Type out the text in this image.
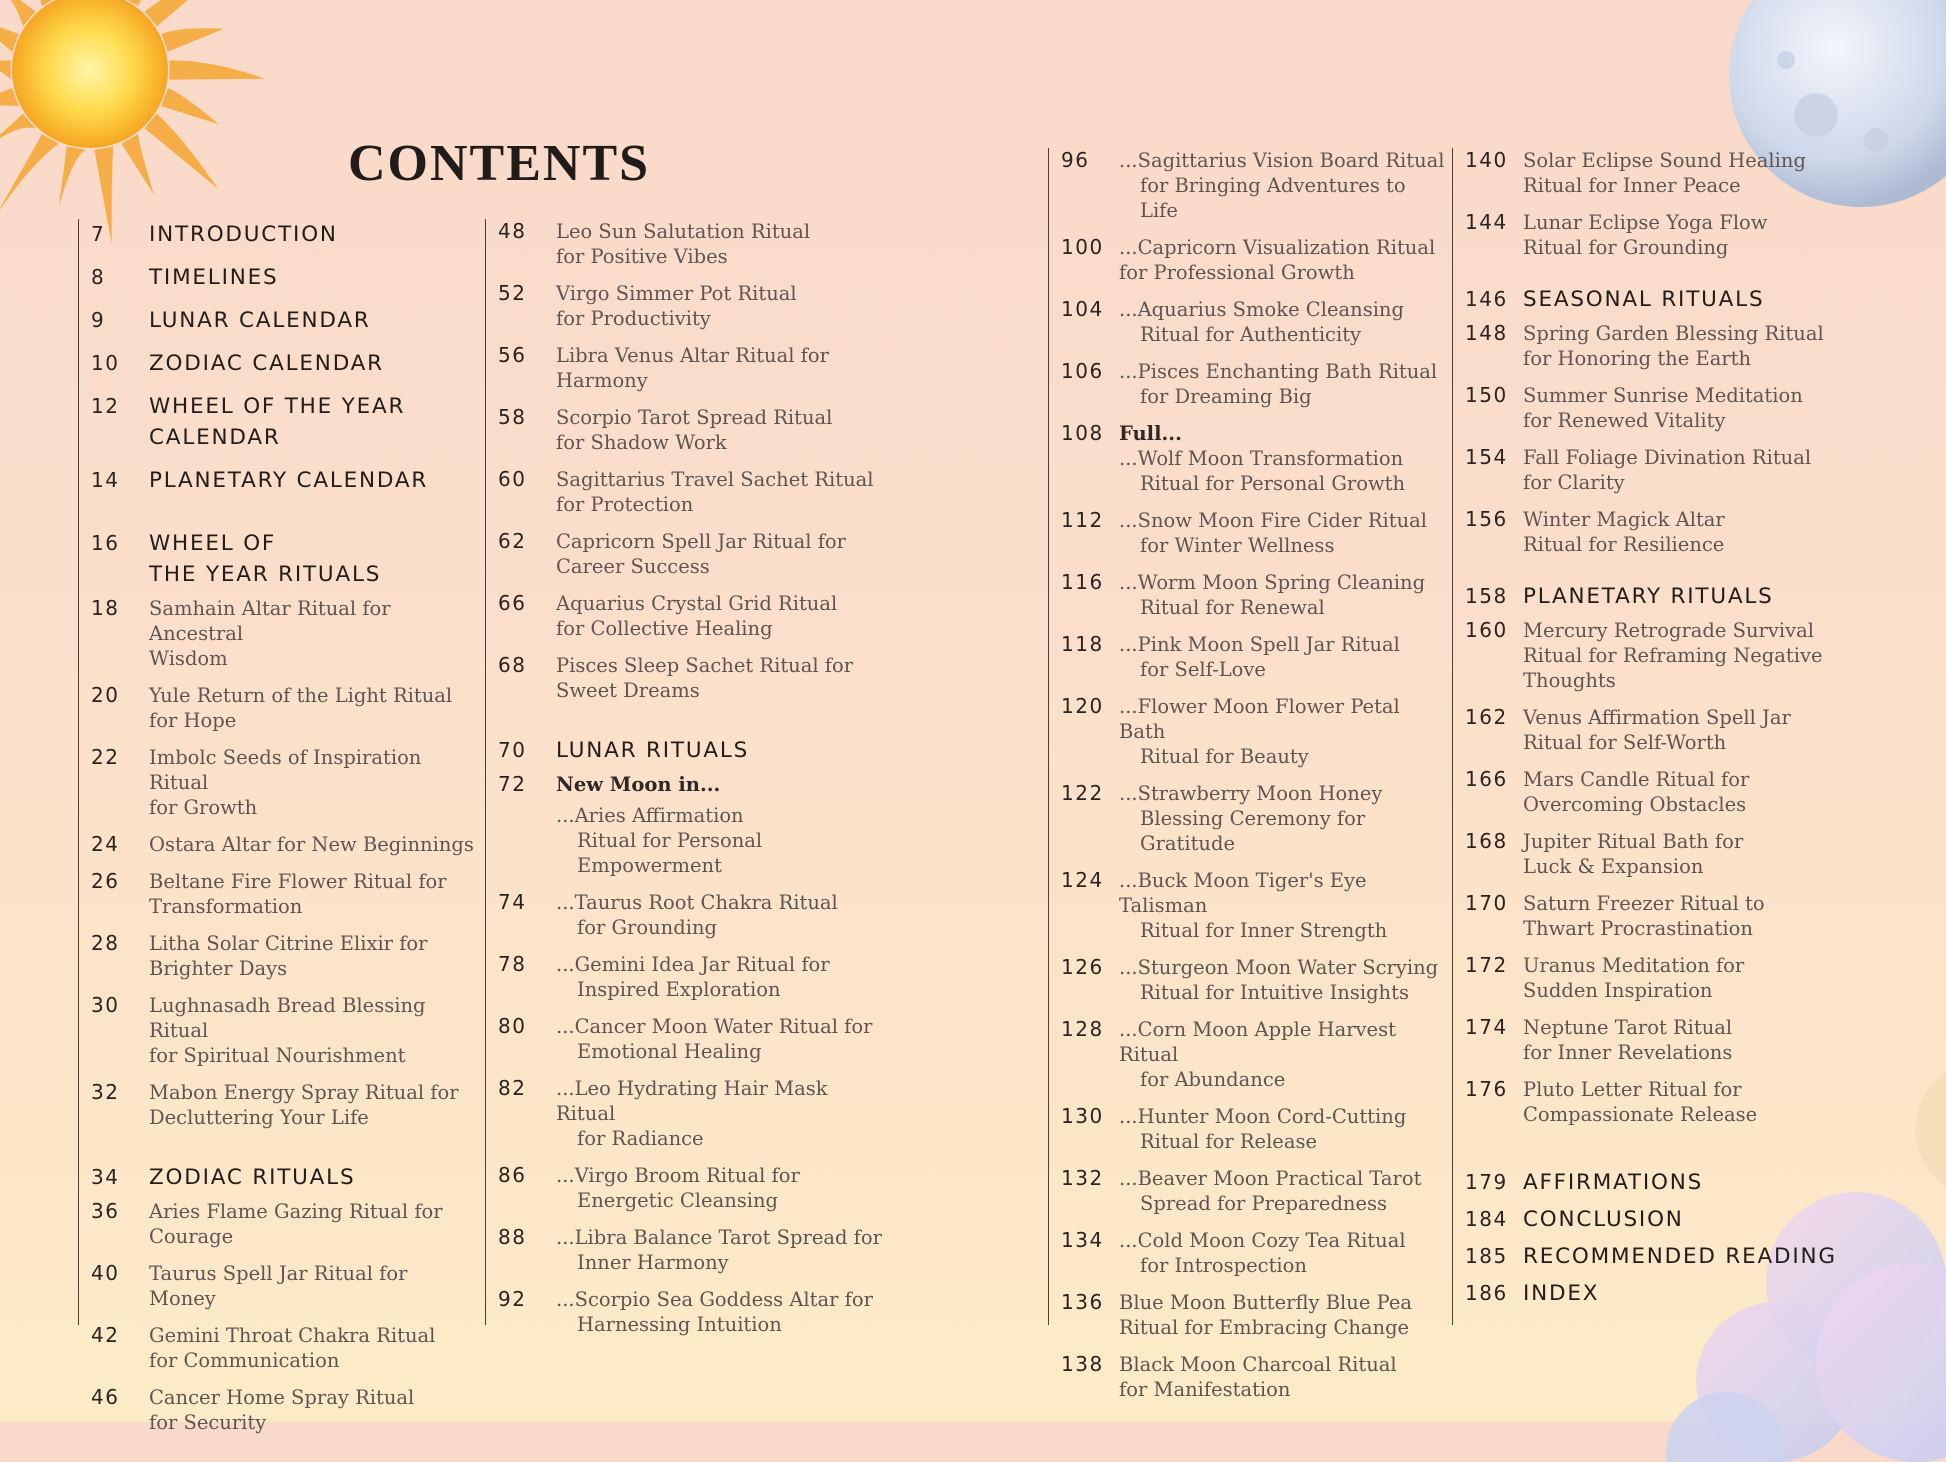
CONTENTS
7	INTRODUCTION
8	TIMELINES
9	LUNAR CALENDAR
10	ZODIAC CALENDAR
12	WHEEL OF THE YEAR
CALENDAR
14	PLANETARY CALENDAR
16	WHEEL OF
THE YEAR RITUALS
18	Samhain Altar Ritual for Ancestral
Wisdom
20	Yule Return of the Light Ritual
for Hope
22	Imbolc Seeds of Inspiration Ritual
for Growth
24	Ostara Altar for New Beginnings
26	Beltane Fire Flower Ritual for
Transformation
28	Litha Solar Citrine Elixir for
Brighter Days
30	Lughnasadh Bread Blessing Ritual
for Spiritual Nourishment
32	Mabon Energy Spray Ritual for
Decluttering Your Life
34	ZODIAC RITUALS
36	Aries Flame Gazing Ritual for
Courage
40	Taurus Spell Jar Ritual for Money
42	Gemini Throat Chakra Ritual
for Communication
46	Cancer Home Spray Ritual
for Security
48	Leo Sun Salutation Ritual
for Positive Vibes
52	Virgo Simmer Pot Ritual
for Productivity
56	Libra Venus Altar Ritual for
Harmony
58	Scorpio Tarot Spread Ritual
for Shadow Work
60	Sagittarius Travel Sachet Ritual
for Protection
62	Capricorn Spell Jar Ritual for
Career Success
66	Aquarius Crystal Grid Ritual
for Collective Healing
68	Pisces Sleep Sachet Ritual for
Sweet Dreams
70	LUNAR RITUALS
72	New Moon in...
...Aries Affirmation
Ritual for Personal
Empowerment
74	...Taurus Root Chakra Ritual
for Grounding
78	...Gemini Idea Jar Ritual for
Inspired Exploration
80	...Cancer Moon Water Ritual for
Emotional Healing
82	...Leo Hydrating Hair Mask Ritual
for Radiance
86	...Virgo Broom Ritual for
Energetic Cleansing
88	...Libra Balance Tarot Spread for
Inner Harmony
92	...Scorpio Sea Goddess Altar for
Harnessing Intuition
96	...Sagittarius Vision Board Ritual
for Bringing Adventures to Life
100 ...Capricorn Visualization Ritual
for Professional Growth
104 ...Aquarius Smoke Cleansing
Ritual for Authenticity
106 ...Pisces Enchanting Bath Ritual
for Dreaming Big
108 Full...
...Wolf Moon Transformation
Ritual for Personal Growth
112 ...Snow Moon Fire Cider Ritual
for Winter Wellness
116 ...Worm Moon Spring Cleaning
Ritual for Renewal
118 ...Pink Moon Spell Jar Ritual
for Self-Love
120 ...Flower Moon Flower Petal Bath
Ritual for Beauty
122 ...Strawberry Moon Honey
Blessing Ceremony for
Gratitude
124 ...Buck Moon Tiger's Eye Talisman
Ritual for Inner Strength
126 ...Sturgeon Moon Water Scrying
Ritual for Intuitive Insights
128 ...Corn Moon Apple Harvest Ritual
for Abundance
130 ...Hunter Moon Cord-Cutting
Ritual for Release
132 ...Beaver Moon Practical Tarot
Spread for Preparedness
134 ...Cold Moon Cozy Tea Ritual
for Introspection
136 Blue Moon Butterfly Blue Pea
Ritual for Embracing Change
138 Black Moon Charcoal Ritual
for Manifestation
140 Solar Eclipse Sound Healing
Ritual for Inner Peace
144 Lunar Eclipse Yoga Flow
Ritual for Grounding
146 SEASONAL RITUALS
148 Spring Garden Blessing Ritual
for Honoring the Earth
150 Summer Sunrise Meditation
for Renewed Vitality
154 Fall Foliage Divination Ritual
for Clarity
156 Winter Magick Altar
Ritual for Resilience
158 PLANETARY RITUALS
160 Mercury Retrograde Survival
Ritual for Reframing Negative
Thoughts
162 Venus Affirmation Spell Jar
Ritual for Self-Worth
166 Mars Candle Ritual for
Overcoming Obstacles
168 Jupiter Ritual Bath for
Luck & Expansion
170 Saturn Freezer Ritual to
Thwart Procrastination
172 Uranus Meditation for
Sudden Inspiration
174 Neptune Tarot Ritual
for Inner Revelations
176 Pluto Letter Ritual for
Compassionate Release
179 AFFIRMATIONS
184 CONCLUSION
185 RECOMMENDED READING
186 INDEX
